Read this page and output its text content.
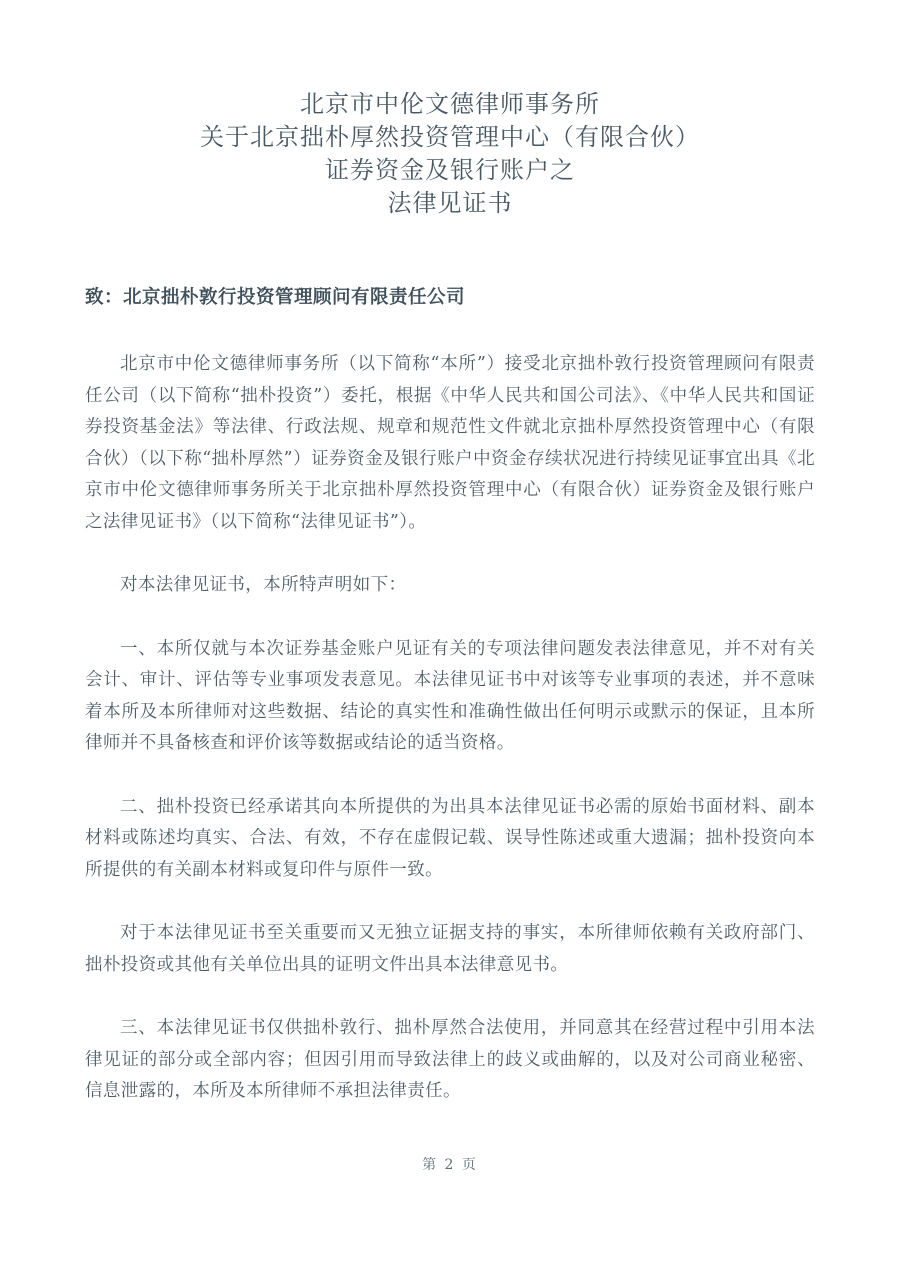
北京市中伦文德律师事务所
关于北京拙朴厚然投资管理中心（有限合伙）
证券资金及银行账户之
法律见证书
致：北京拙朴敦行投资管理顾问有限责任公司

北京市中伦文德律师事务所（以下简称“本所”）接受北京拙朴敦行投资管理顾问有限责任公司（以下简称“拙朴投资”）委托，根据《中华人民共和国公司法》、《中华人民共和国证券投资基金法》等法律、行政法规、规章和规范性文件就北京拙朴厚然投资管理中心（有限合伙）（以下称“拙朴厚然”）证券资金及银行账户中资金存续状况进行持续见证事宜出具《北京市中伦文德律师事务所关于北京拙朴厚然投资管理中心（有限合伙）证券资金及银行账户之法律见证书》（以下简称“法律见证书”）。

对本法律见证书，本所特声明如下：

一、本所仅就与本次证券基金账户见证有关的专项法律问题发表法律意见，并不对有关会计、审计、评估等专业事项发表意见。本法律见证书中对该等专业事项的表述，并不意味着本所及本所律师对这些数据、结论的真实性和准确性做出任何明示或默示的保证，且本所律师并不具备核查和评价该等数据或结论的适当资格。

二、拙朴投资已经承诺其向本所提供的为出具本法律见证书必需的原始书面材料、副本材料或陈述均真实、合法、有效，不存在虚假记载、误导性陈述或重大遗漏；拙朴投资向本所提供的有关副本材料或复印件与原件一致。

对于本法律见证书至关重要而又无独立证据支持的事实，本所律师依赖有关政府部门、拙朴投资或其他有关单位出具的证明文件出具本法律意见书。

三、本法律见证书仅供拙朴敦行、拙朴厚然合法使用，并同意其在经营过程中引用本法律见证的部分或全部内容；但因引用而导致法律上的歧义或曲解的，以及对公司商业秘密、信息泄露的，本所及本所律师不承担法律责任。

第 2 页
